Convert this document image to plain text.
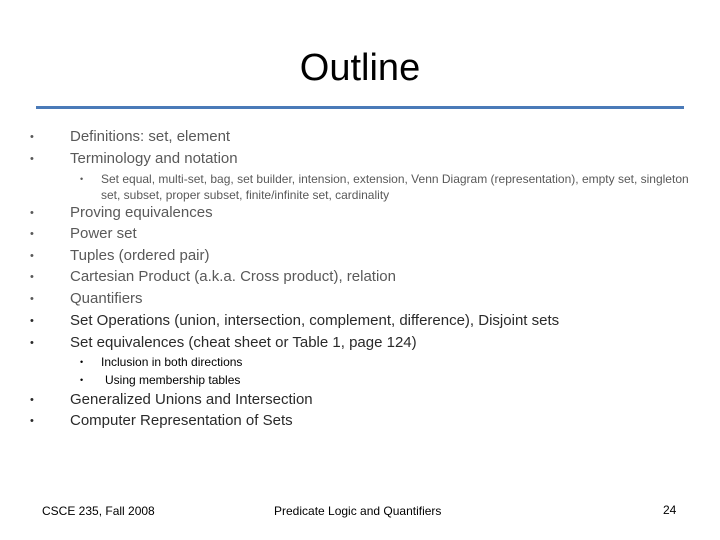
Outline
•	Definitions: set, element
•	Terminology and notation
• Set equal, multi-set, bag, set builder, intension, extension, Venn Diagram (representation), empty set, singleton set, subset, proper subset, finite/infinite set, cardinality
•	Proving equivalences
•	Power set
•	Tuples (ordered pair)
•	Cartesian Product (a.k.a. Cross product), relation
•	Quantifiers
•	Set Operations (union, intersection, complement, difference), Disjoint sets
•	Set equivalences (cheat sheet or Table 1, page 124)
• Inclusion in both directions
• Using membership tables
•	Generalized Unions and Intersection
•	Computer Representation of Sets
CSCE 235, Fall 2008	Predicate Logic and Quantifiers	24
